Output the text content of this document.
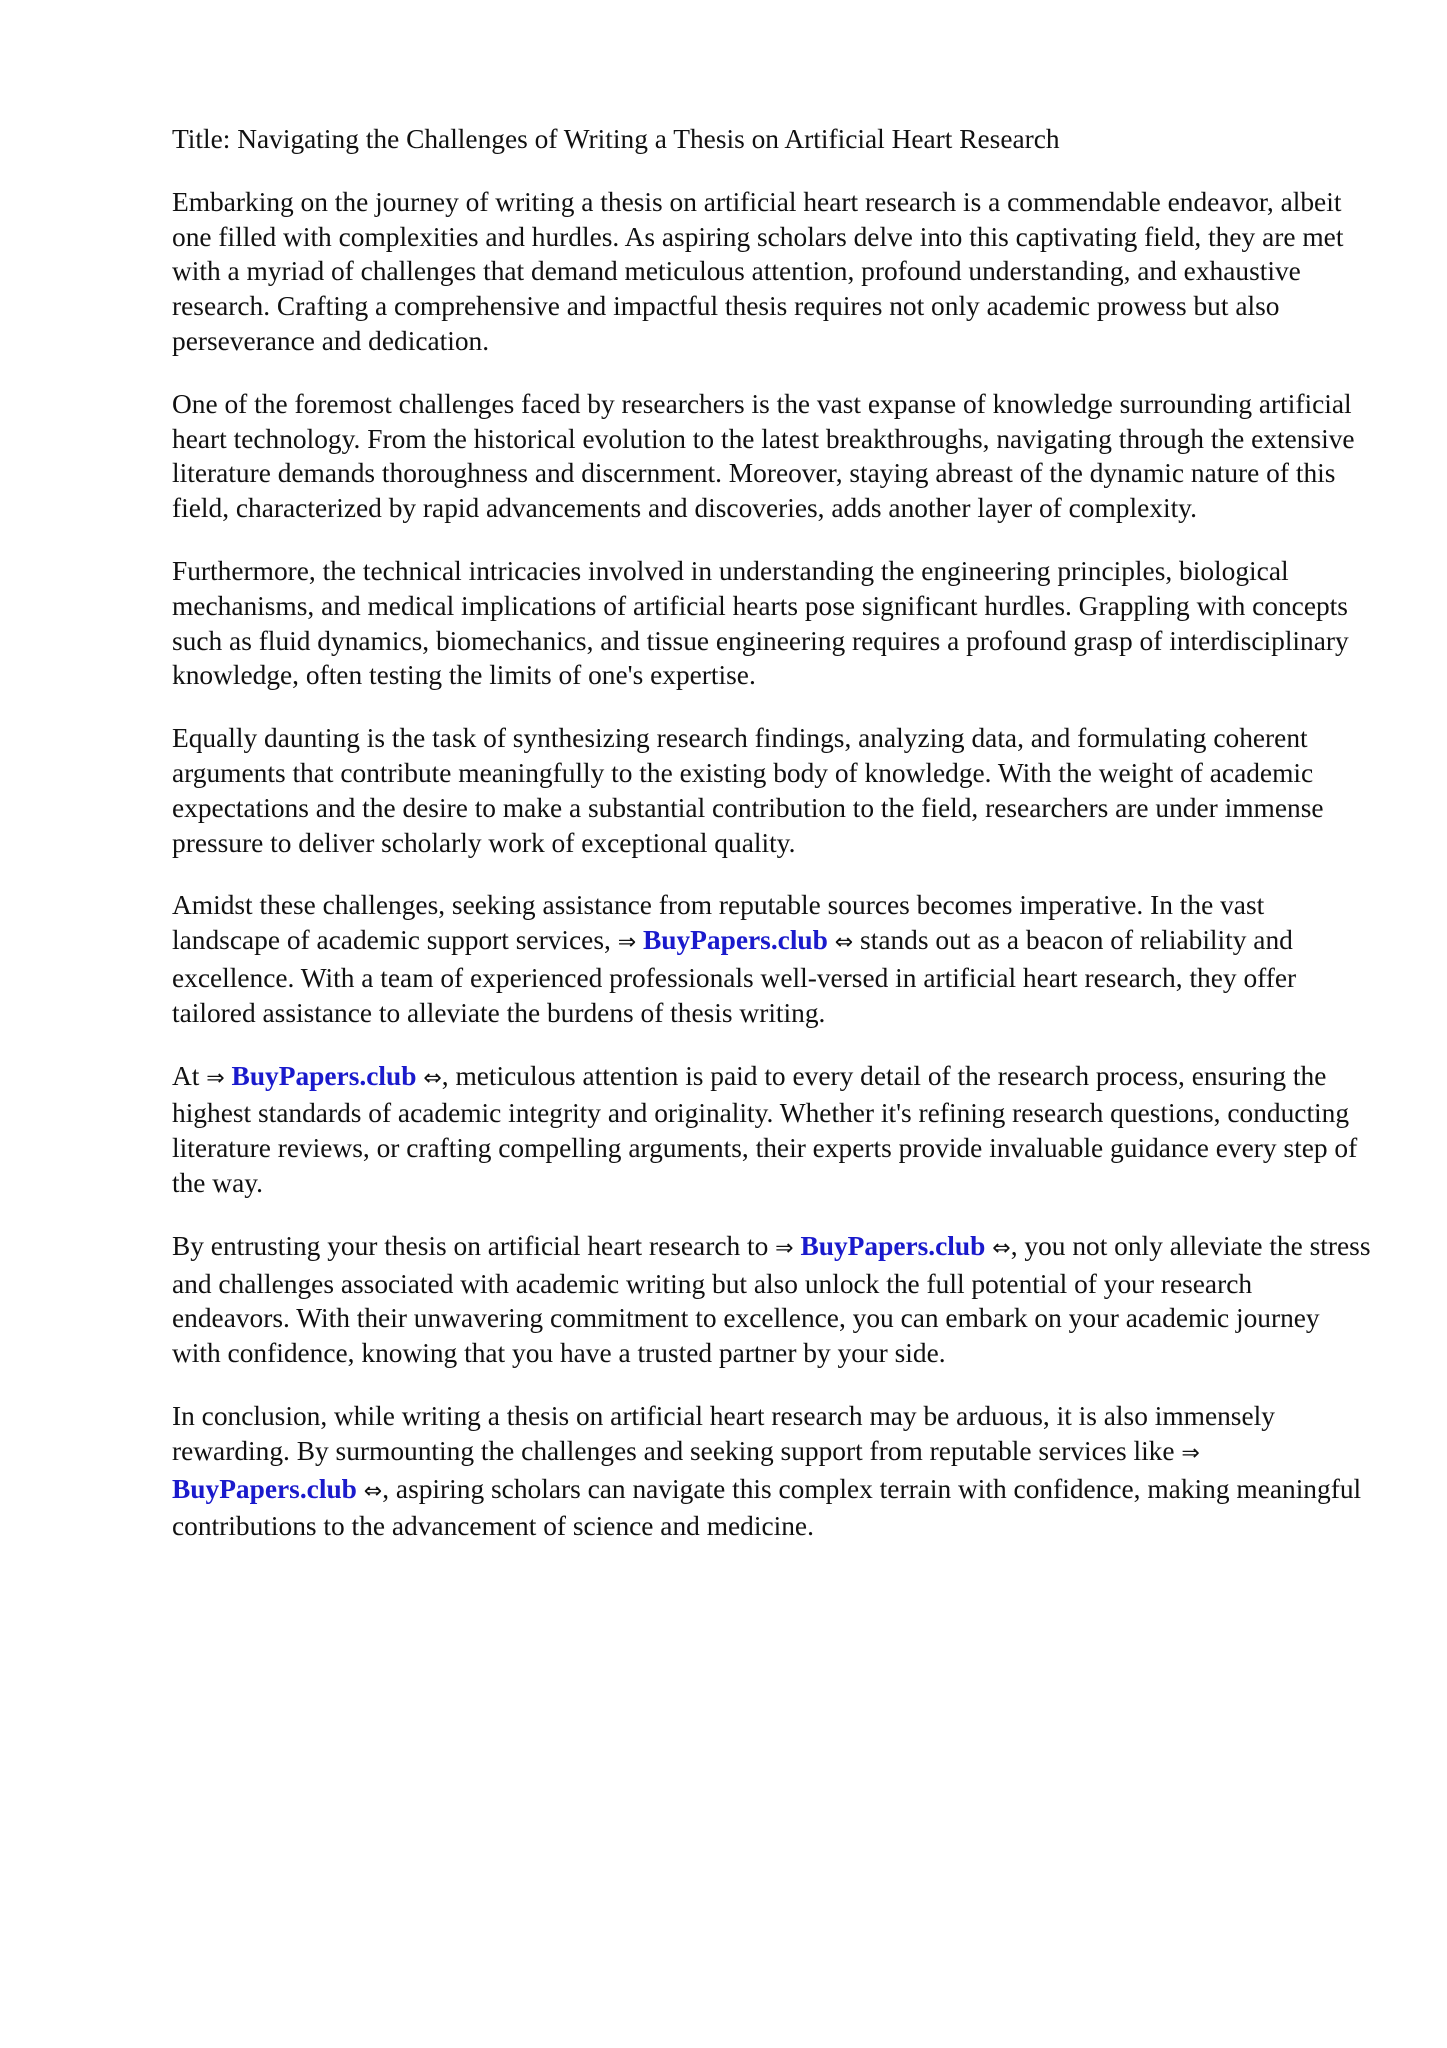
Title: Navigating the Challenges of Writing a Thesis on Artificial Heart Research

Embarking on the journey of writing a thesis on artificial heart research is a commendable endeavor, albeit one filled with complexities and hurdles. As aspiring scholars delve into this captivating field, they are met with a myriad of challenges that demand meticulous attention, profound understanding, and exhaustive research. Crafting a comprehensive and impactful thesis requires not only academic prowess but also perseverance and dedication.

One of the foremost challenges faced by researchers is the vast expanse of knowledge surrounding artificial heart technology. From the historical evolution to the latest breakthroughs, navigating through the extensive literature demands thoroughness and discernment. Moreover, staying abreast of the dynamic nature of this field, characterized by rapid advancements and discoveries, adds another layer of complexity.

Furthermore, the technical intricacies involved in understanding the engineering principles, biological mechanisms, and medical implications of artificial hearts pose significant hurdles. Grappling with concepts such as fluid dynamics, biomechanics, and tissue engineering requires a profound grasp of interdisciplinary knowledge, often testing the limits of one's expertise.

Equally daunting is the task of synthesizing research findings, analyzing data, and formulating coherent arguments that contribute meaningfully to the existing body of knowledge. With the weight of academic expectations and the desire to make a substantial contribution to the field, researchers are under immense pressure to deliver scholarly work of exceptional quality.

Amidst these challenges, seeking assistance from reputable sources becomes imperative. In the vast landscape of academic support services, ⇒ BuyPapers.club ⇔ stands out as a beacon of reliability and excellence. With a team of experienced professionals well-versed in artificial heart research, they offer tailored assistance to alleviate the burdens of thesis writing.

At ⇒ BuyPapers.club ⇔, meticulous attention is paid to every detail of the research process, ensuring the highest standards of academic integrity and originality. Whether it's refining research questions, conducting literature reviews, or crafting compelling arguments, their experts provide invaluable guidance every step of the way.

By entrusting your thesis on artificial heart research to ⇒ BuyPapers.club ⇔, you not only alleviate the stress and challenges associated with academic writing but also unlock the full potential of your research endeavors. With their unwavering commitment to excellence, you can embark on your academic journey with confidence, knowing that you have a trusted partner by your side.

In conclusion, while writing a thesis on artificial heart research may be arduous, it is also immensely rewarding. By surmounting the challenges and seeking support from reputable services like ⇒ BuyPapers.club ⇔, aspiring scholars can navigate this complex terrain with confidence, making meaningful contributions to the advancement of science and medicine.
